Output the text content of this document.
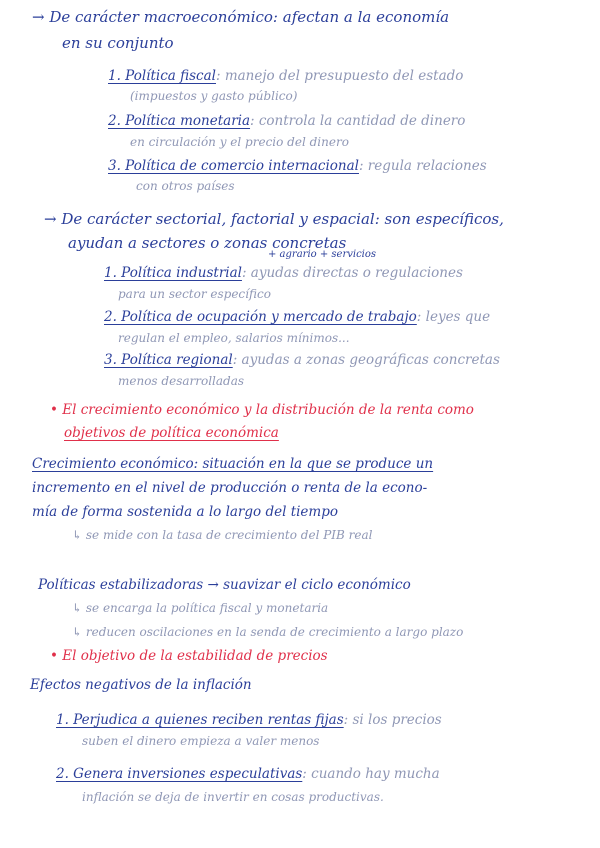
→ De carácter macroeconómico: afectan a la economía
en su conjunto
1. Política fiscal: manejo del presupuesto del estado
(impuestos y gasto público)
2. Política monetaria: controla la cantidad de dinero
en circulación y el precio del dinero
3. Política de comercio internacional: regula relaciones
con otros países
→ De carácter sectorial, factorial y espacial: son específicos,
ayudan a sectores o zonas concretas
+ agrario + servicios
1. Política industrial: ayudas directas o regulaciones
para un sector específico
2. Política de ocupación y mercado de trabajo: leyes que
regulan el empleo, salarios mínimos...
3. Política regional: ayudas a zonas geográficas concretas
menos desarrolladas
• El crecimiento económico y la distribución de la renta como
objetivos de política económica
Crecimiento económico: situación en la que se produce un
incremento en el nivel de producción o renta de la econo-
mía de forma sostenida a lo largo del tiempo
↳ se mide con la tasa de crecimiento del PIB real
Políticas estabilizadoras → suavizar el ciclo económico
↳ se encarga la política fiscal y monetaria
↳ reducen oscilaciones en la senda de crecimiento a largo plazo
• El objetivo de la estabilidad de precios
Efectos negativos de la inflación
1. Perjudica a quienes reciben rentas fijas: si los precios
suben el dinero empieza a valer menos
2. Genera inversiones especulativas: cuando hay mucha
inflación se deja de invertir en cosas productivas.
